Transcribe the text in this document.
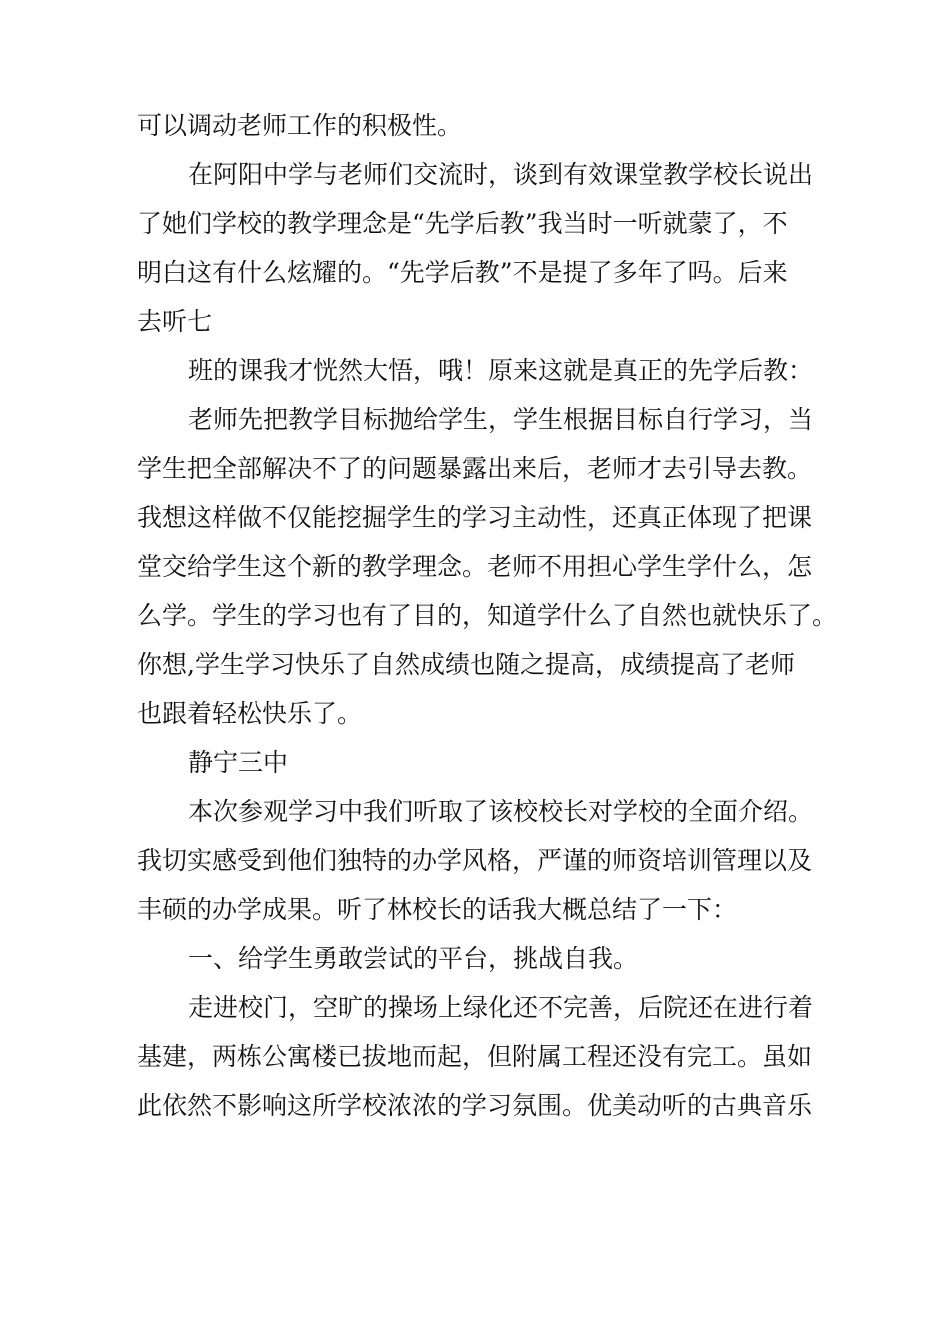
可以调动老师工作的积极性。
在阿阳中学与老师们交流时，谈到有效课堂教学校长说出
了她们学校的教学理念是“先学后教”我当时一听就蒙了，不
明白这有什么炫耀的。“先学后教”不是提了多年了吗。后来
去听七
班的课我才恍然大悟，哦！原来这就是真正的先学后教：
老师先把教学目标抛给学生，学生根据目标自行学习，当
学生把全部解决不了的问题暴露出来后，老师才去引导去教。
我想这样做不仅能挖掘学生的学习主动性，还真正体现了把课
堂交给学生这个新的教学理念。老师不用担心学生学什么，怎
么学。学生的学习也有了目的，知道学什么了自然也就快乐了。
你想,学生学习快乐了自然成绩也随之提高，成绩提高了老师
也跟着轻松快乐了。
静宁三中
本次参观学习中我们听取了该校校长对学校的全面介绍。
我切实感受到他们独特的办学风格，严谨的师资培训管理以及
丰硕的办学成果。听了林校长的话我大概总结了一下：
一、给学生勇敢尝试的平台，挑战自我。
走进校门，空旷的操场上绿化还不完善，后院还在进行着
基建，两栋公寓楼已拔地而起，但附属工程还没有完工。虽如
此依然不影响这所学校浓浓的学习氛围。优美动听的古典音乐
